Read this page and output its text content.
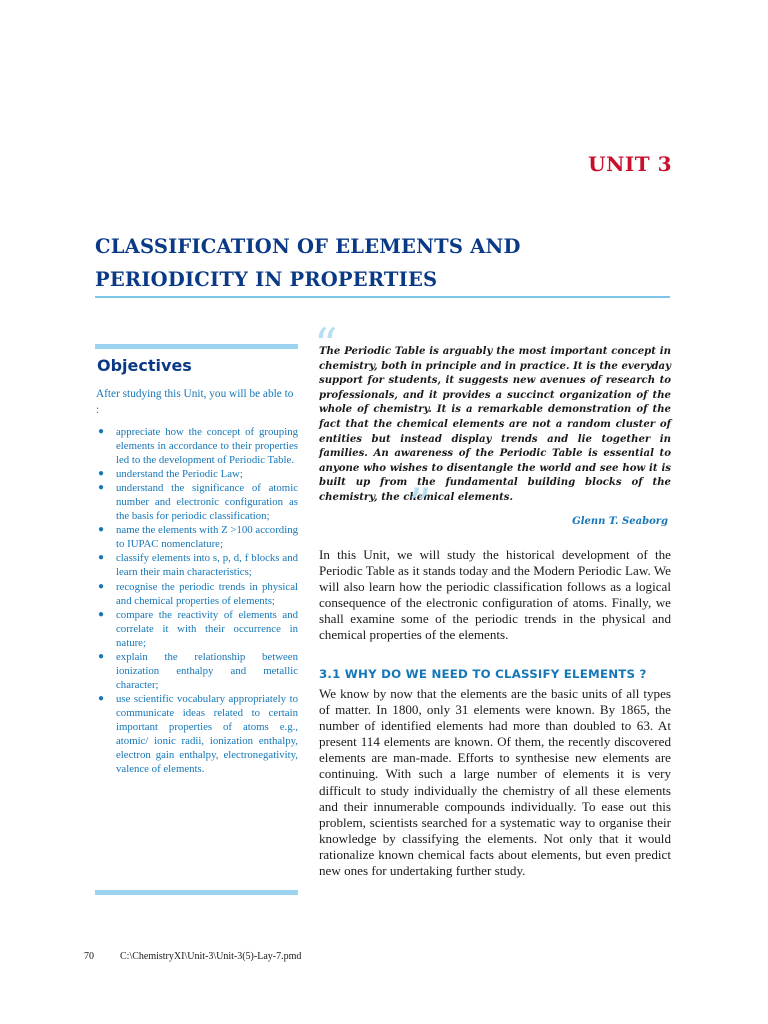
UNIT 3
CLASSIFICATION OF ELEMENTS AND
PERIODICITY IN PROPERTIES
Objectives
After studying this Unit, you will be able to :
● appreciate how the concept of grouping elements in accordance to their properties led to the development of Periodic Table.
● understand the Periodic Law;
● understand the significance of atomic number and electronic configuration as the basis for periodic classification;
● name the elements with Z >100 according to IUPAC nomenclature;
● classify elements into s, p, d, f blocks and learn their main characteristics;
● recognise the periodic trends in physical and chemical properties of elements;
● compare the reactivity of elements and correlate it with their occurrence in nature;
● explain the relationship between ionization enthalpy and metallic character;
● use scientific vocabulary appropriately to communicate ideas related to certain important properties of atoms e.g., atomic/ ionic radii, ionization enthalpy, electron gain enthalpy, electronegativity, valence of elements.
“
The Periodic Table is arguably the most important concept in chemistry, both in principle and in practice. It is the everyday support for students, it suggests new avenues of research to professionals, and it provides a succinct organization of the whole of chemistry. It is a remarkable demonstration of the fact that the chemical elements are not a random cluster of entities but instead display trends and lie together in families. An awareness of the Periodic Table is essential to anyone who wishes to disentangle the world and see how it is built up from the fundamental building blocks of the chemistry, the chemical elements.
”	Glenn T. Seaborg
In this Unit, we will study the historical development of the Periodic Table as it stands today and the Modern Periodic Law. We will also learn how the periodic classification follows as a logical consequence of the electronic configuration of atoms. Finally, we shall examine some of the periodic trends in the physical and chemical properties of the elements.
3.1 WHY DO WE NEED TO CLASSIFY ELEMENTS ?
We know by now that the elements are the basic units of all types of matter. In 1800, only 31 elements were known. By 1865, the number of identified elements had more than doubled to 63. At present 114 elements are known. Of them, the recently discovered elements are man-made. Efforts to synthesise new elements are continuing. With such a large number of elements it is very difficult to study individually the chemistry of all these elements and their innumerable compounds individually. To ease out this problem, scientists searched for a systematic way to organise their knowledge by classifying the elements. Not only that it would rationalize known chemical facts about elements, but even predict new ones for undertaking further study.
70	C:\ChemistryXI\Unit-3\Unit-3(5)-Lay-7.pmd
